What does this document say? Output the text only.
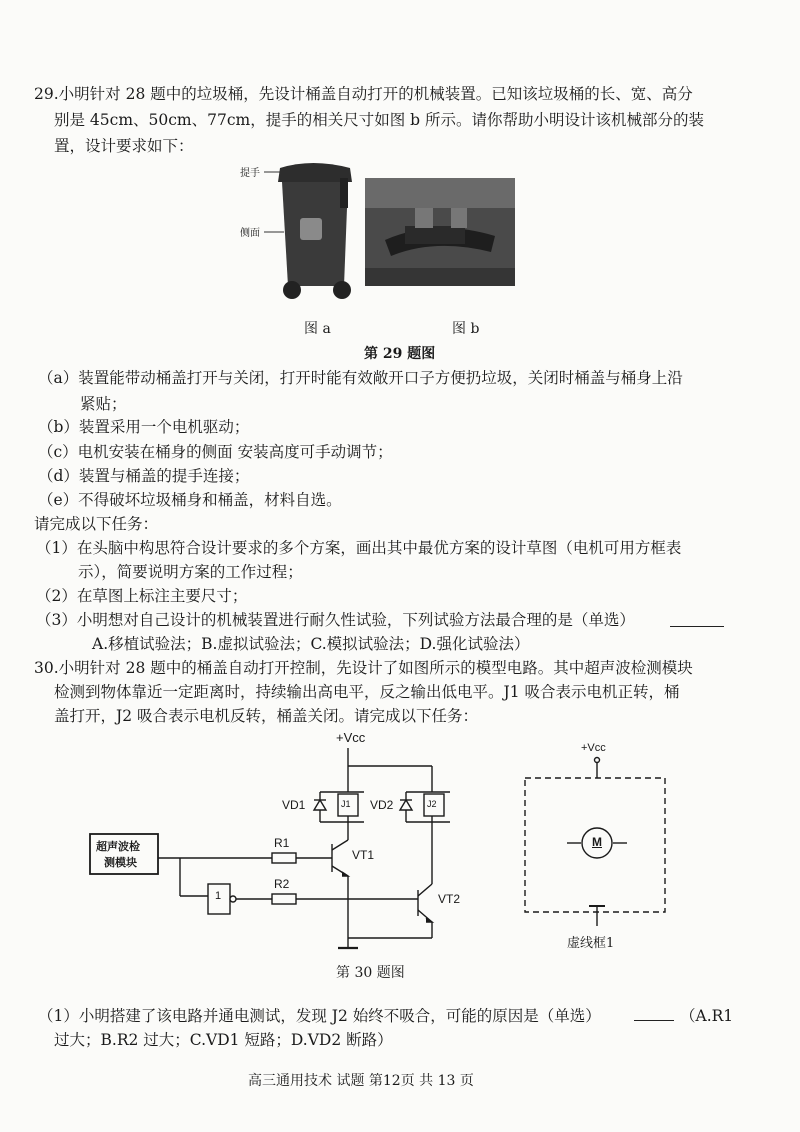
29.小明针对 28 题中的垃圾桶，先设计桶盖自动打开的机械装置。已知该垃圾桶的长、宽、高分
别是 45cm、50cm、77cm，提手的相关尺寸如图 b 所示。请你帮助小明设计该机械部分的装
置，设计要求如下：
提手
侧面
图 a	图 b
第 29 题图
（a）装置能带动桶盖打开与关闭，打开时能有效敞开口子方便扔垃圾，关闭时桶盖与桶身上沿
紧贴；
（b）装置采用一个电机驱动；
（c）电机安装在桶身的侧面 安装高度可手动调节；
（d）装置与桶盖的提手连接；
（e）不得破坏垃圾桶身和桶盖，材料自选。
请完成以下任务：
（1）在头脑中构思符合设计要求的多个方案，画出其中最优方案的设计草图（电机可用方框表
示），简要说明方案的工作过程；
（2）在草图上标注主要尺寸；
（3）小明想对自己设计的机械装置进行耐久性试验，下列试验方法最合理的是（单选）
A.移植试验法；B.虚拟试验法；C.模拟试验法；D.强化试验法）
30.小明针对 28 题中的桶盖自动打开控制，先设计了如图所示的模型电路。其中超声波检测模块
检测到物体靠近一定距离时，持续输出高电平，反之输出低电平。J1 吸合表示电机正转，桶
盖打开，J2 吸合表示电机反转，桶盖关闭。请完成以下任务：
+Vcc
超声波检
测模块
R1
R2
1
VT1
VT2
VD1	VD2
J1	J2
+Vcc
M
虚线框1
第 30 题图
（1）小明搭建了该电路并通电测试，发现 J2 始终不吸合，可能的原因是（单选）	（A.R1
过大；B.R2 过大；C.VD1 短路；D.VD2 断路）
高三通用技术 试题 第12页 共 13 页
